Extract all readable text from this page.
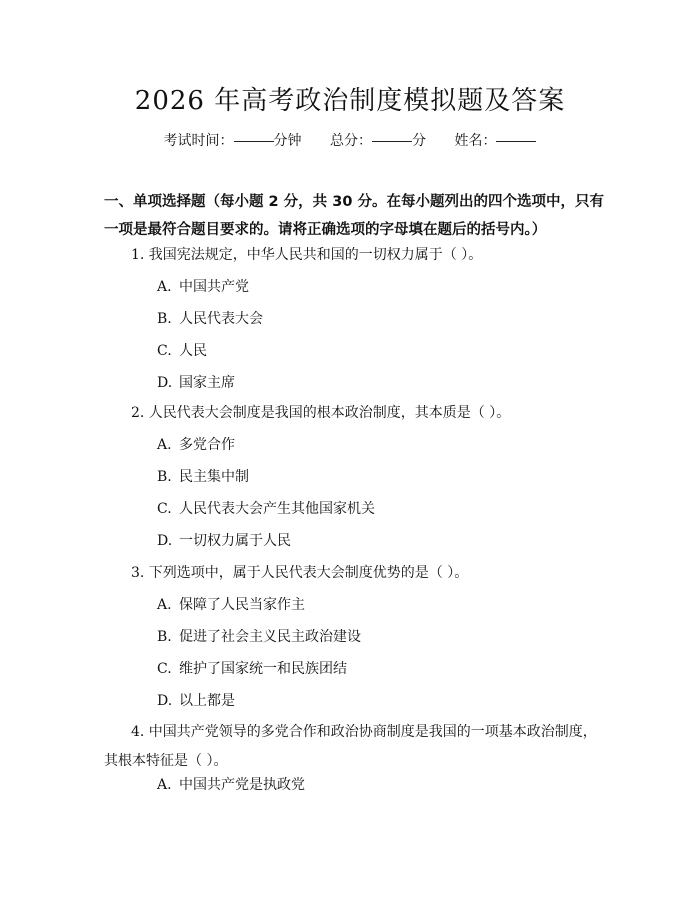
2026 年高考政治制度模拟题及答案
考试时间：	分钟 总分：	分 姓名：
一、单项选择题（每小题 2 分，共 30 分。在每小题列出的四个选项中，只有一项是最符合题目要求的。请将正确选项的字母填在题后的括号内。）
1. 我国宪法规定，中华人民共和国的一切权力属于（ ）。
A. 中国共产党
B. 人民代表大会
C. 人民
D. 国家主席
2. 人民代表大会制度是我国的根本政治制度，其本质是（ ）。
A. 多党合作
B. 民主集中制
C. 人民代表大会产生其他国家机关
D. 一切权力属于人民
3. 下列选项中，属于人民代表大会制度优势的是（ ）。
A. 保障了人民当家作主
B. 促进了社会主义民主政治建设
C. 维护了国家统一和民族团结
D. 以上都是
4. 中国共产党领导的多党合作和政治协商制度是我国的一项基本政治制度，其根本特征是（ ）。
A. 中国共产党是执政党
